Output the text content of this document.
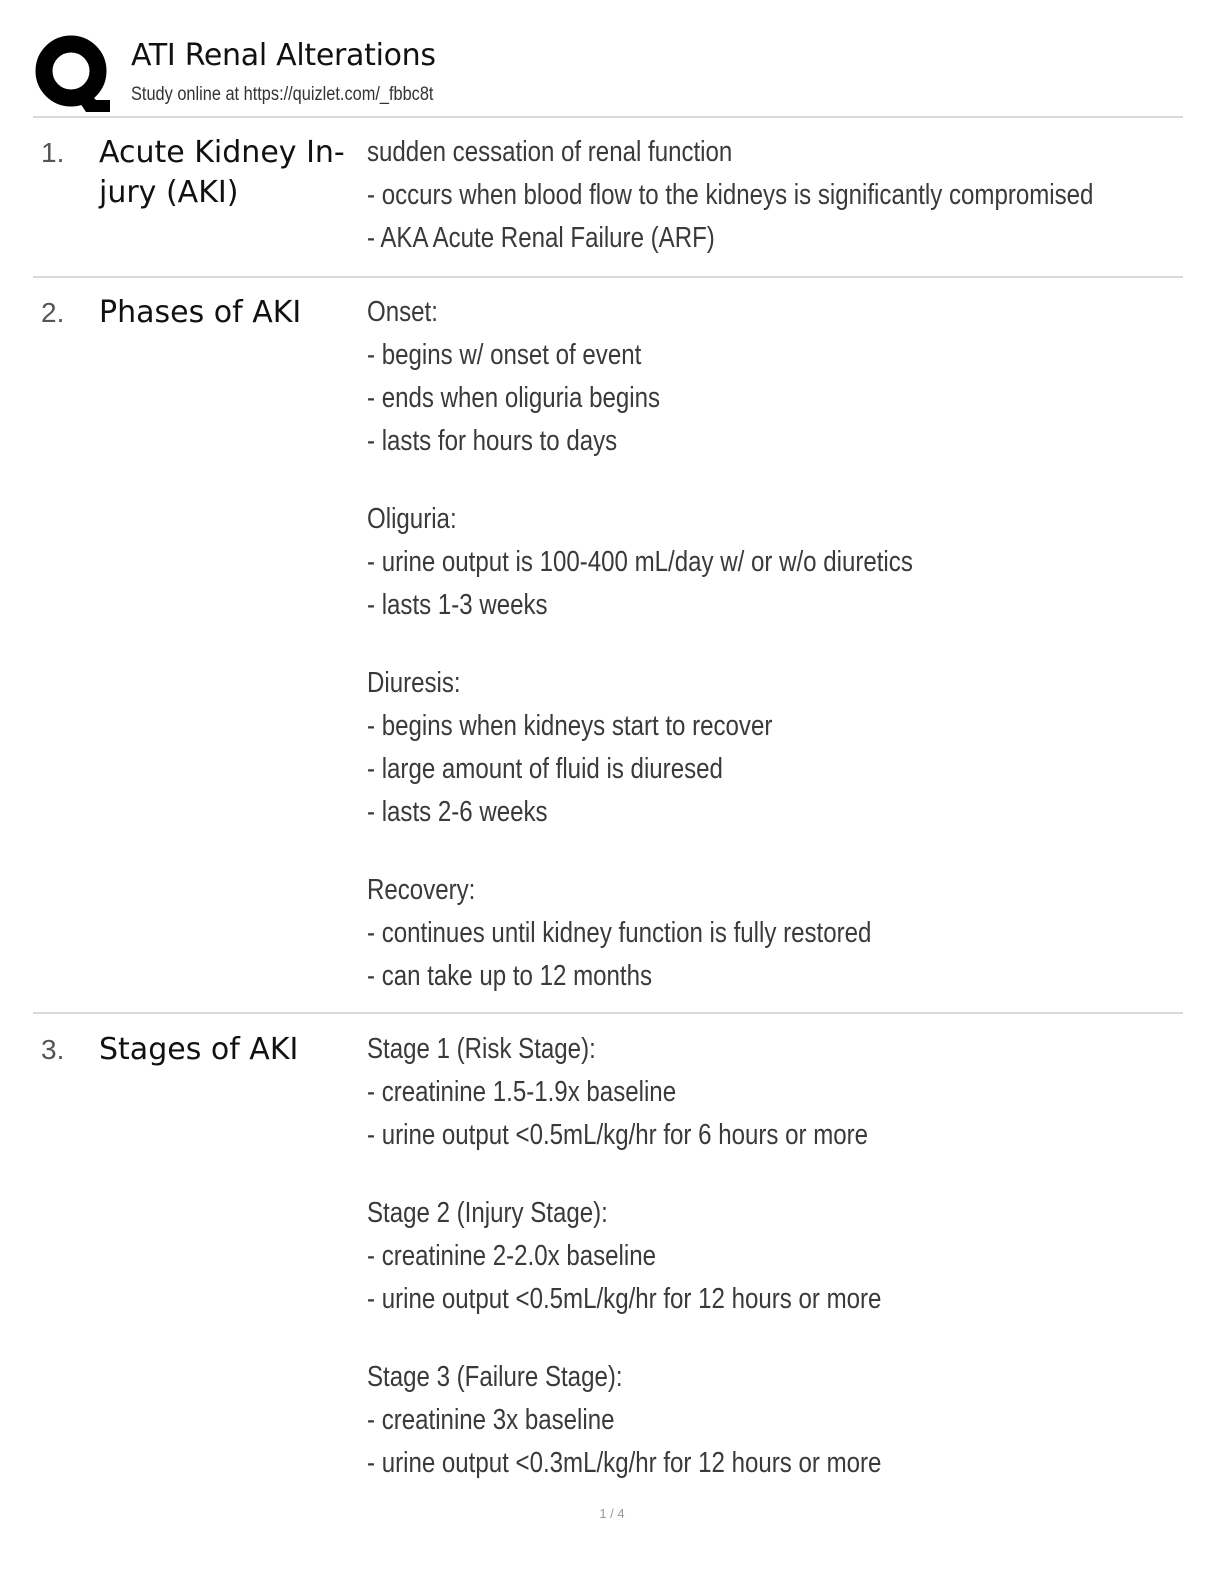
ATI Renal Alterations
Study online at https://quizlet.com/_fbbc8t
1. Acute Kidney In-
jury (AKI)
sudden cessation of renal function
- occurs when blood flow to the kidneys is significantly compromised
- AKA Acute Renal Failure (ARF)
2. Phases of AKI	Onset:
- begins w/ onset of event
- ends when oliguria begins
- lasts for hours to days
Oliguria:
- urine output is 100-400 mL/day w/ or w/o diuretics
- lasts 1-3 weeks
Diuresis:
- begins when kidneys start to recover
- large amount of fluid is diuresed
- lasts 2-6 weeks
Recovery:
- continues until kidney function is fully restored
- can take up to 12 months
3. Stages of AKI	Stage 1 (Risk Stage):
- creatinine 1.5-1.9x baseline
- urine output <0.5mL/kg/hr for 6 hours or more
Stage 2 (Injury Stage):
- creatinine 2-2.0x baseline
- urine output <0.5mL/kg/hr for 12 hours or more
Stage 3 (Failure Stage):
- creatinine 3x baseline
- urine output <0.3mL/kg/hr for 12 hours or more
1 / 4
